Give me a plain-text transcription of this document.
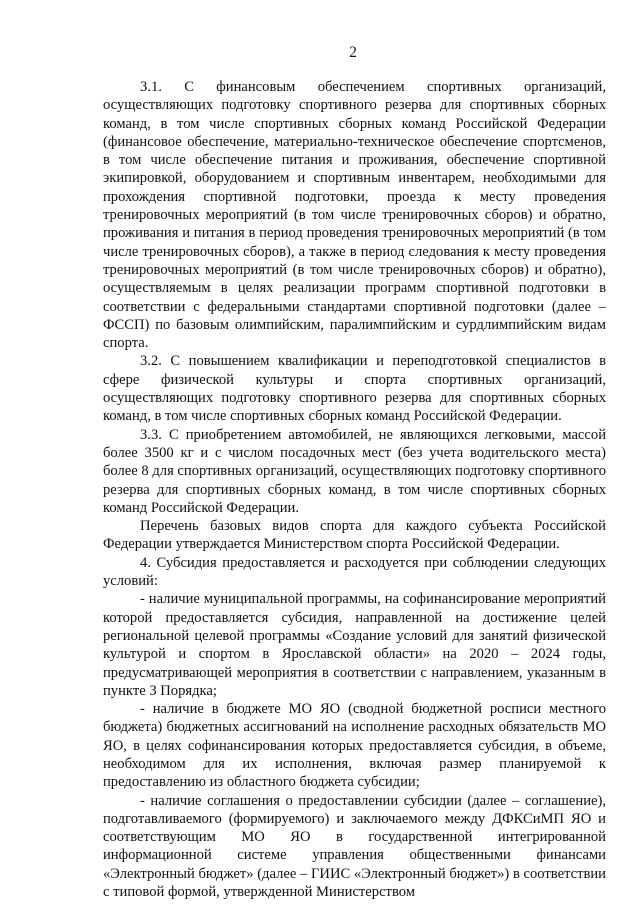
2

3.1. С финансовым обеспечением спортивных организаций, осуществляющих подготовку спортивного резерва для спортивных сборных команд, в том числе спортивных сборных команд Российской Федерации (финансовое обеспечение, материально-техническое обеспечение спортсменов, в том числе обеспечение питания и проживания, обеспечение спортивной экипировкой, оборудованием и спортивным инвентарем, необходимыми для прохождения спортивной подготовки, проезда к месту проведения тренировочных мероприятий (в том числе тренировочных сборов) и обратно, проживания и питания в период проведения тренировочных мероприятий (в том числе тренировочных сборов), а также в период следования к месту проведения тренировочных мероприятий (в том числе тренировочных сборов) и обратно), осуществляемым в целях реализации программ спортивной подготовки в соответствии с федеральными стандартами спортивной подготовки (далее – ФССП) по базовым олимпийским, паралимпийским и сурдлимпийским видам спорта.

3.2. С повышением квалификации и переподготовкой специалистов в сфере физической культуры и спорта спортивных организаций, осуществляющих подготовку спортивного резерва для спортивных сборных команд, в том числе спортивных сборных команд Российской Федерации.

3.3. С приобретением автомобилей, не являющихся легковыми, массой более 3500 кг и с числом посадочных мест (без учета водительского места) более 8 для спортивных организаций, осуществляющих подготовку спортивного резерва для спортивных сборных команд, в том числе спортивных сборных команд Российской Федерации.

Перечень базовых видов спорта для каждого субъекта Российской Федерации утверждается Министерством спорта Российской Федерации.

4. Субсидия предоставляется и расходуется при соблюдении следующих условий:

- наличие муниципальной программы, на софинансирование мероприятий которой предоставляется субсидия, направленной на достижение целей региональной целевой программы «Создание условий для занятий физической культурой и спортом в Ярославской области» на 2020 – 2024 годы, предусматривающей мероприятия в соответствии с направлением, указанным в пункте 3 Порядка;

- наличие в бюджете МО ЯО (сводной бюджетной росписи местного бюджета) бюджетных ассигнований на исполнение расходных обязательств МО ЯО, в целях софинансирования которых предоставляется субсидия, в объеме, необходимом для их исполнения, включая размер планируемой к предоставлению из областного бюджета субсидии;

- наличие соглашения о предоставлении субсидии (далее – соглашение), подготавливаемого (формируемого) и заключаемого между ДФКСиМП ЯО и соответствующим МО ЯО в государственной интегрированной информационной системе управления общественными финансами «Электронный бюджет» (далее – ГИИС «Электронный бюджет») в соответствии с типовой формой, утвержденной Министерством
